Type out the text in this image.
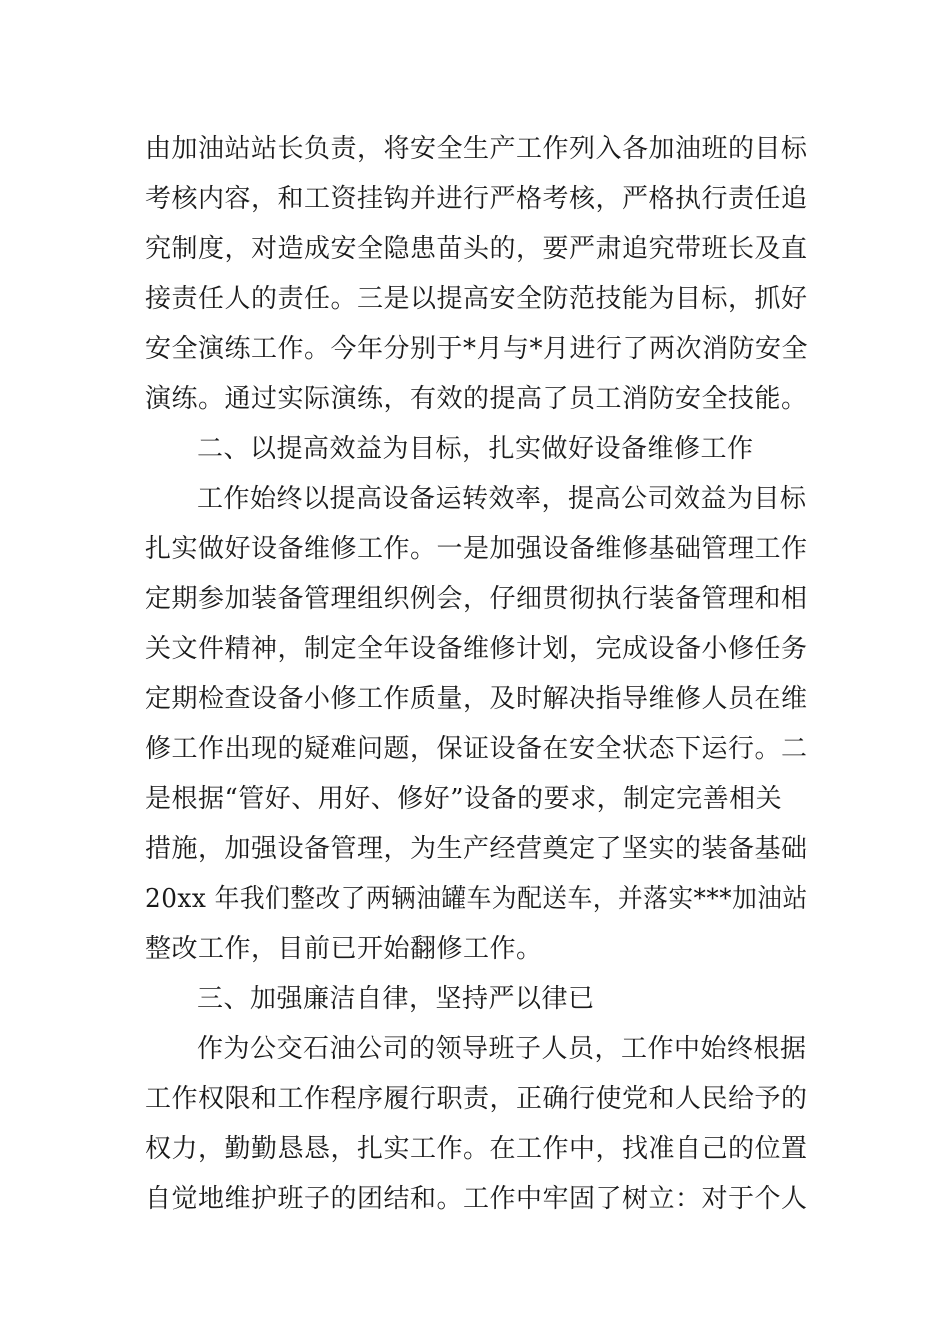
由加油站站长负责，将安全生产工作列入各加油班的目标
考核内容，和工资挂钩并进行严格考核，严格执行责任追
究制度，对造成安全隐患苗头的，要严肃追究带班长及直
接责任人的责任。三是以提高安全防范技能为目标，抓好
安全演练工作。今年分别于*月与*月进行了两次消防安全
演练。通过实际演练，有效的提高了员工消防安全技能。
二、以提高效益为目标，扎实做好设备维修工作
工作始终以提高设备运转效率，提高公司效益为目标
扎实做好设备维修工作。一是加强设备维修基础管理工作
定期参加装备管理组织例会，仔细贯彻执行装备管理和相
关文件精神，制定全年设备维修计划，完成设备小修任务
定期检查设备小修工作质量，及时解决指导维修人员在维
修工作出现的疑难问题，保证设备在安全状态下运行。二
是根据“管好、用好、修好”设备的要求，制定完善相关
措施，加强设备管理，为生产经营奠定了坚实的装备基础
20xx 年我们整改了两辆油罐车为配送车，并落实***加油站
整改工作，目前已开始翻修工作。
三、加强廉洁自律，坚持严以律已
作为公交石油公司的领导班子人员，工作中始终根据
工作权限和工作程序履行职责，正确行使党和人民给予的
权力，勤勤恳恳，扎实工作。在工作中，找准自己的位置
自觉地维护班子的团结和。工作中牢固了树立：对于个人
